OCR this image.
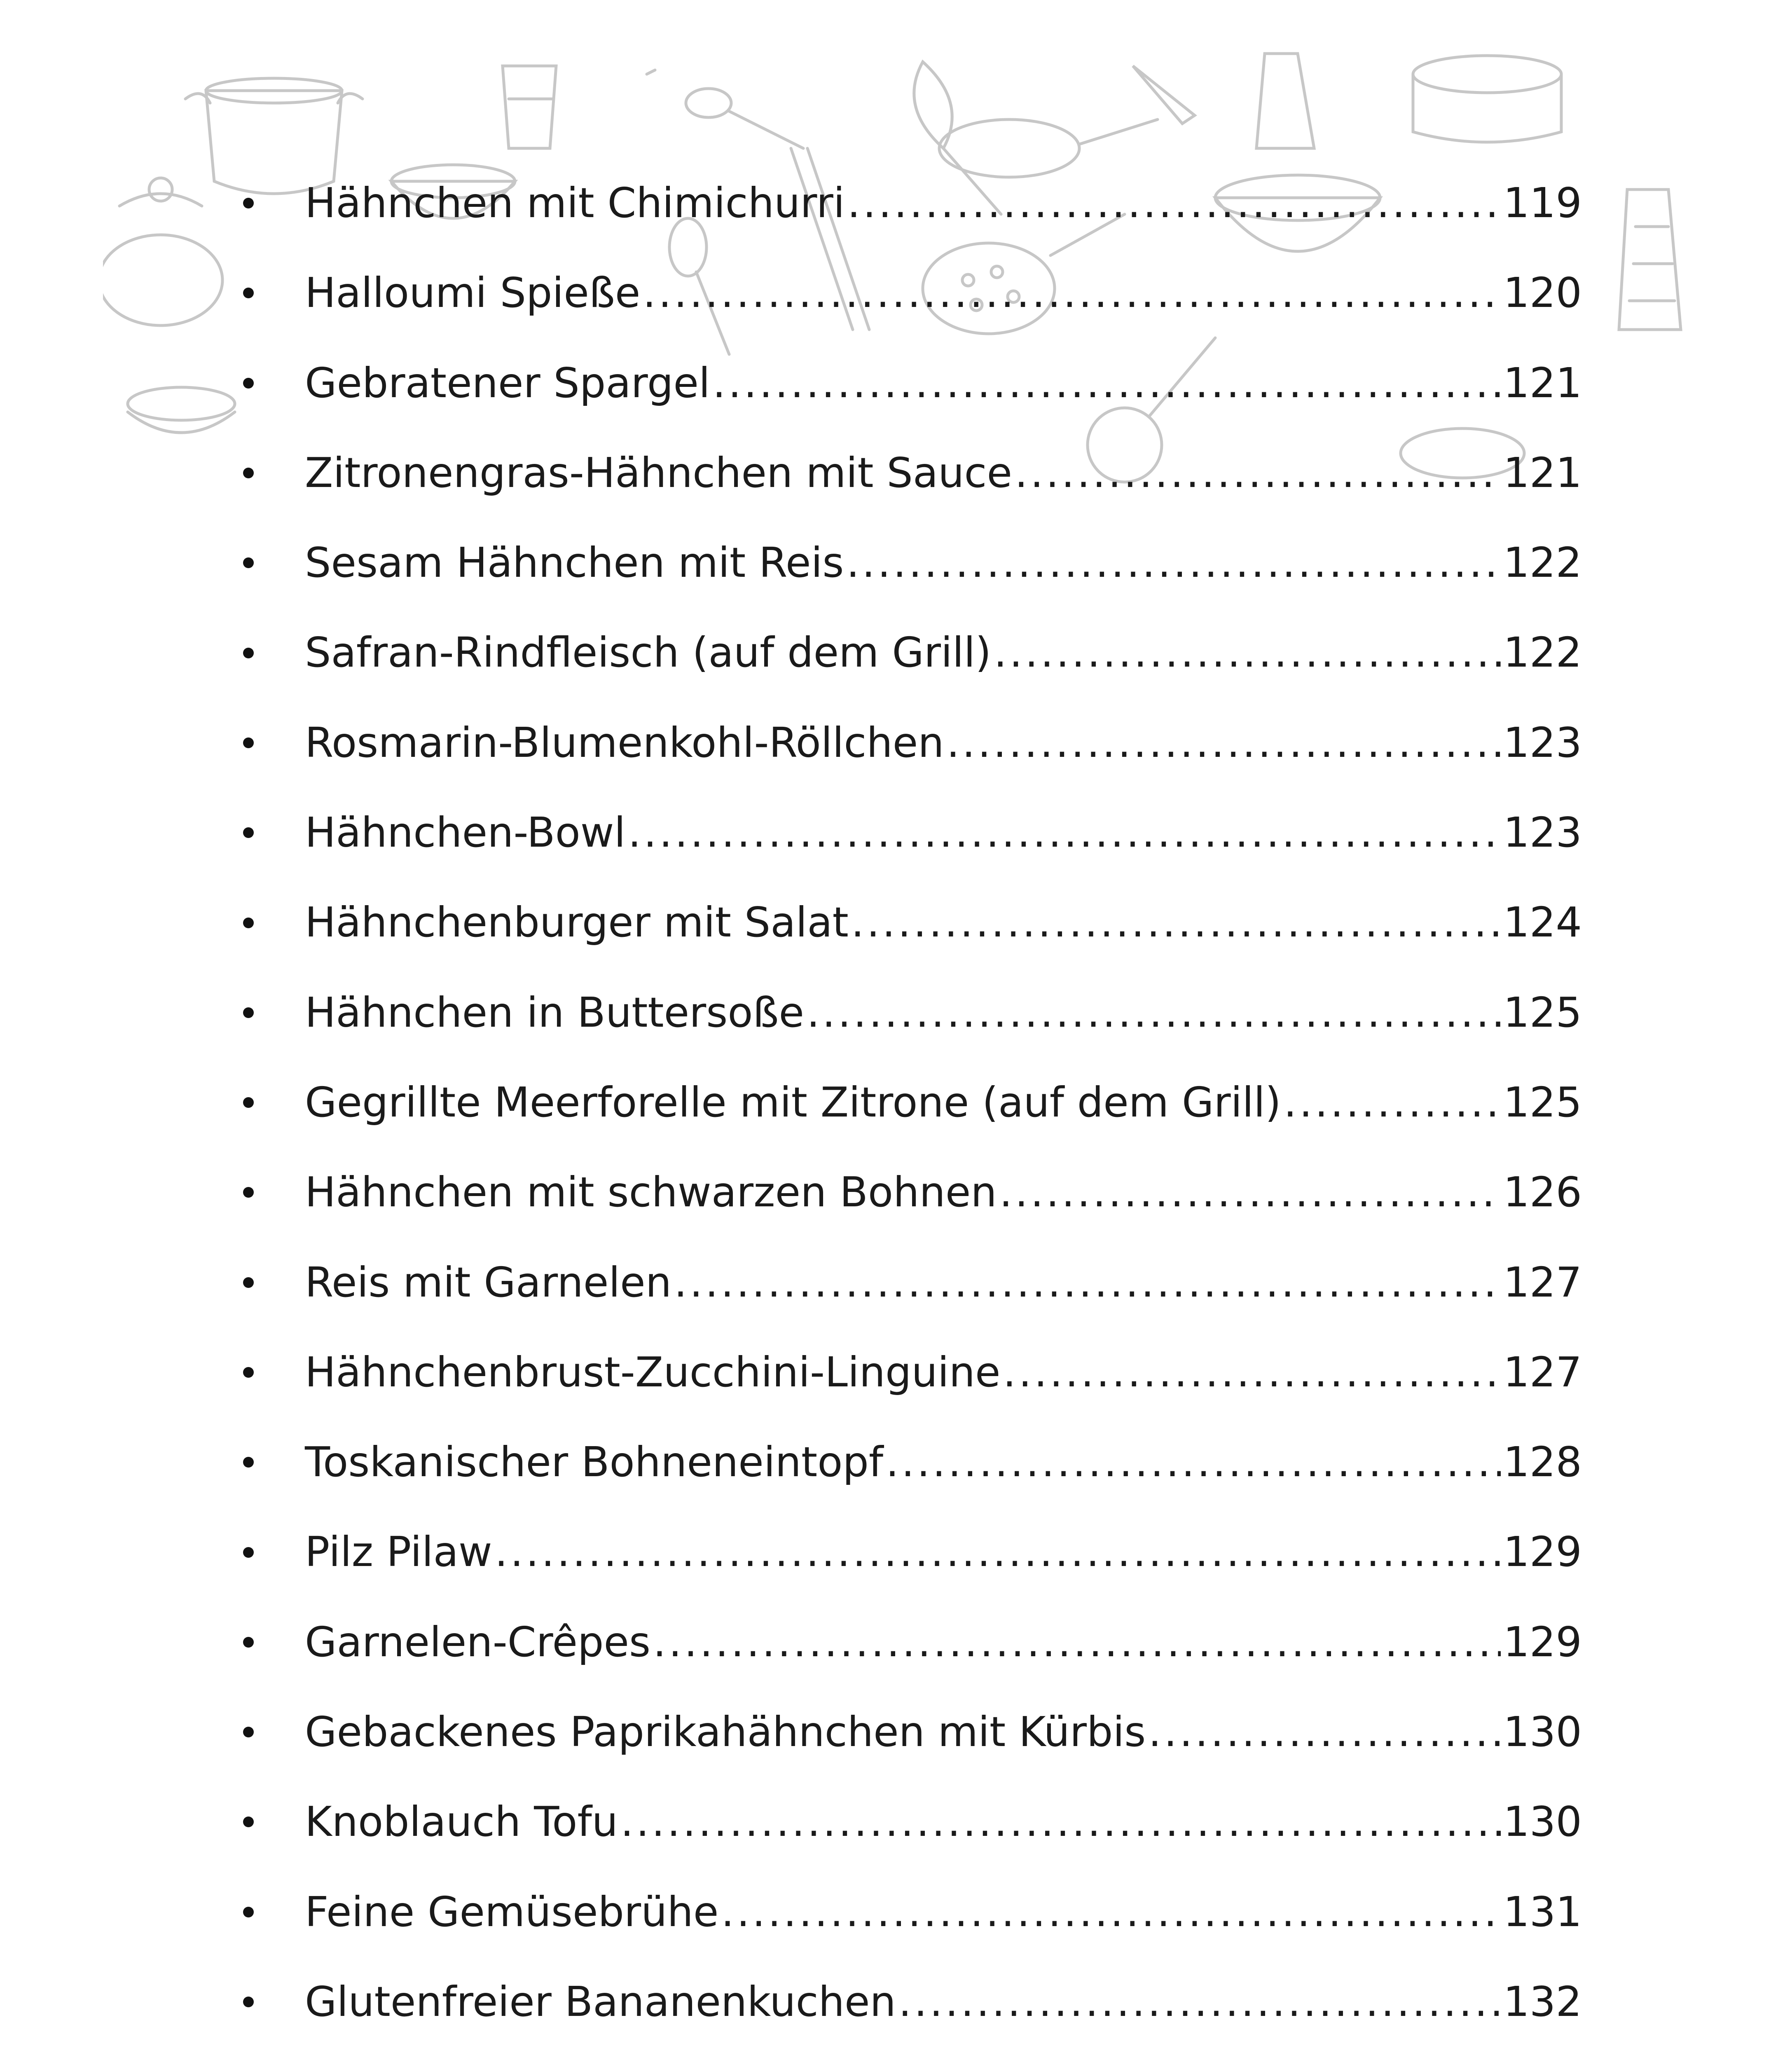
Hähnchen mit Chimichurri .....	119
Halloumi Spieße .....	120
Gebratener Spargel .....	121
Zitronengras-Hähnchen mit Sauce .....	121
Sesam Hähnchen mit Reis .....	122
Safran-Rindfleisch (auf dem Grill) .....	122
Rosmarin-Blumenkohl-Röllchen .....	123
Hähnchen-Bowl .....	123
Hähnchenburger mit Salat .....	124
Hähnchen in Buttersoße .....	125
Gegrillte Meerforelle mit Zitrone (auf dem Grill) .....	125
Hähnchen mit schwarzen Bohnen .....	126
Reis mit Garnelen .....	127
Hähnchenbrust-Zucchini-Linguine .....	127
Toskanischer Bohneneintopf .....	128
Pilz Pilaw .....	129
Garnelen-Crêpes .....	129
Gebackenes Paprikahähnchen mit Kürbis .....	130
Knoblauch Tofu .....	130
Feine Gemüsebrühe .....	131
Glutenfreier Bananenkuchen .....	132
.....
